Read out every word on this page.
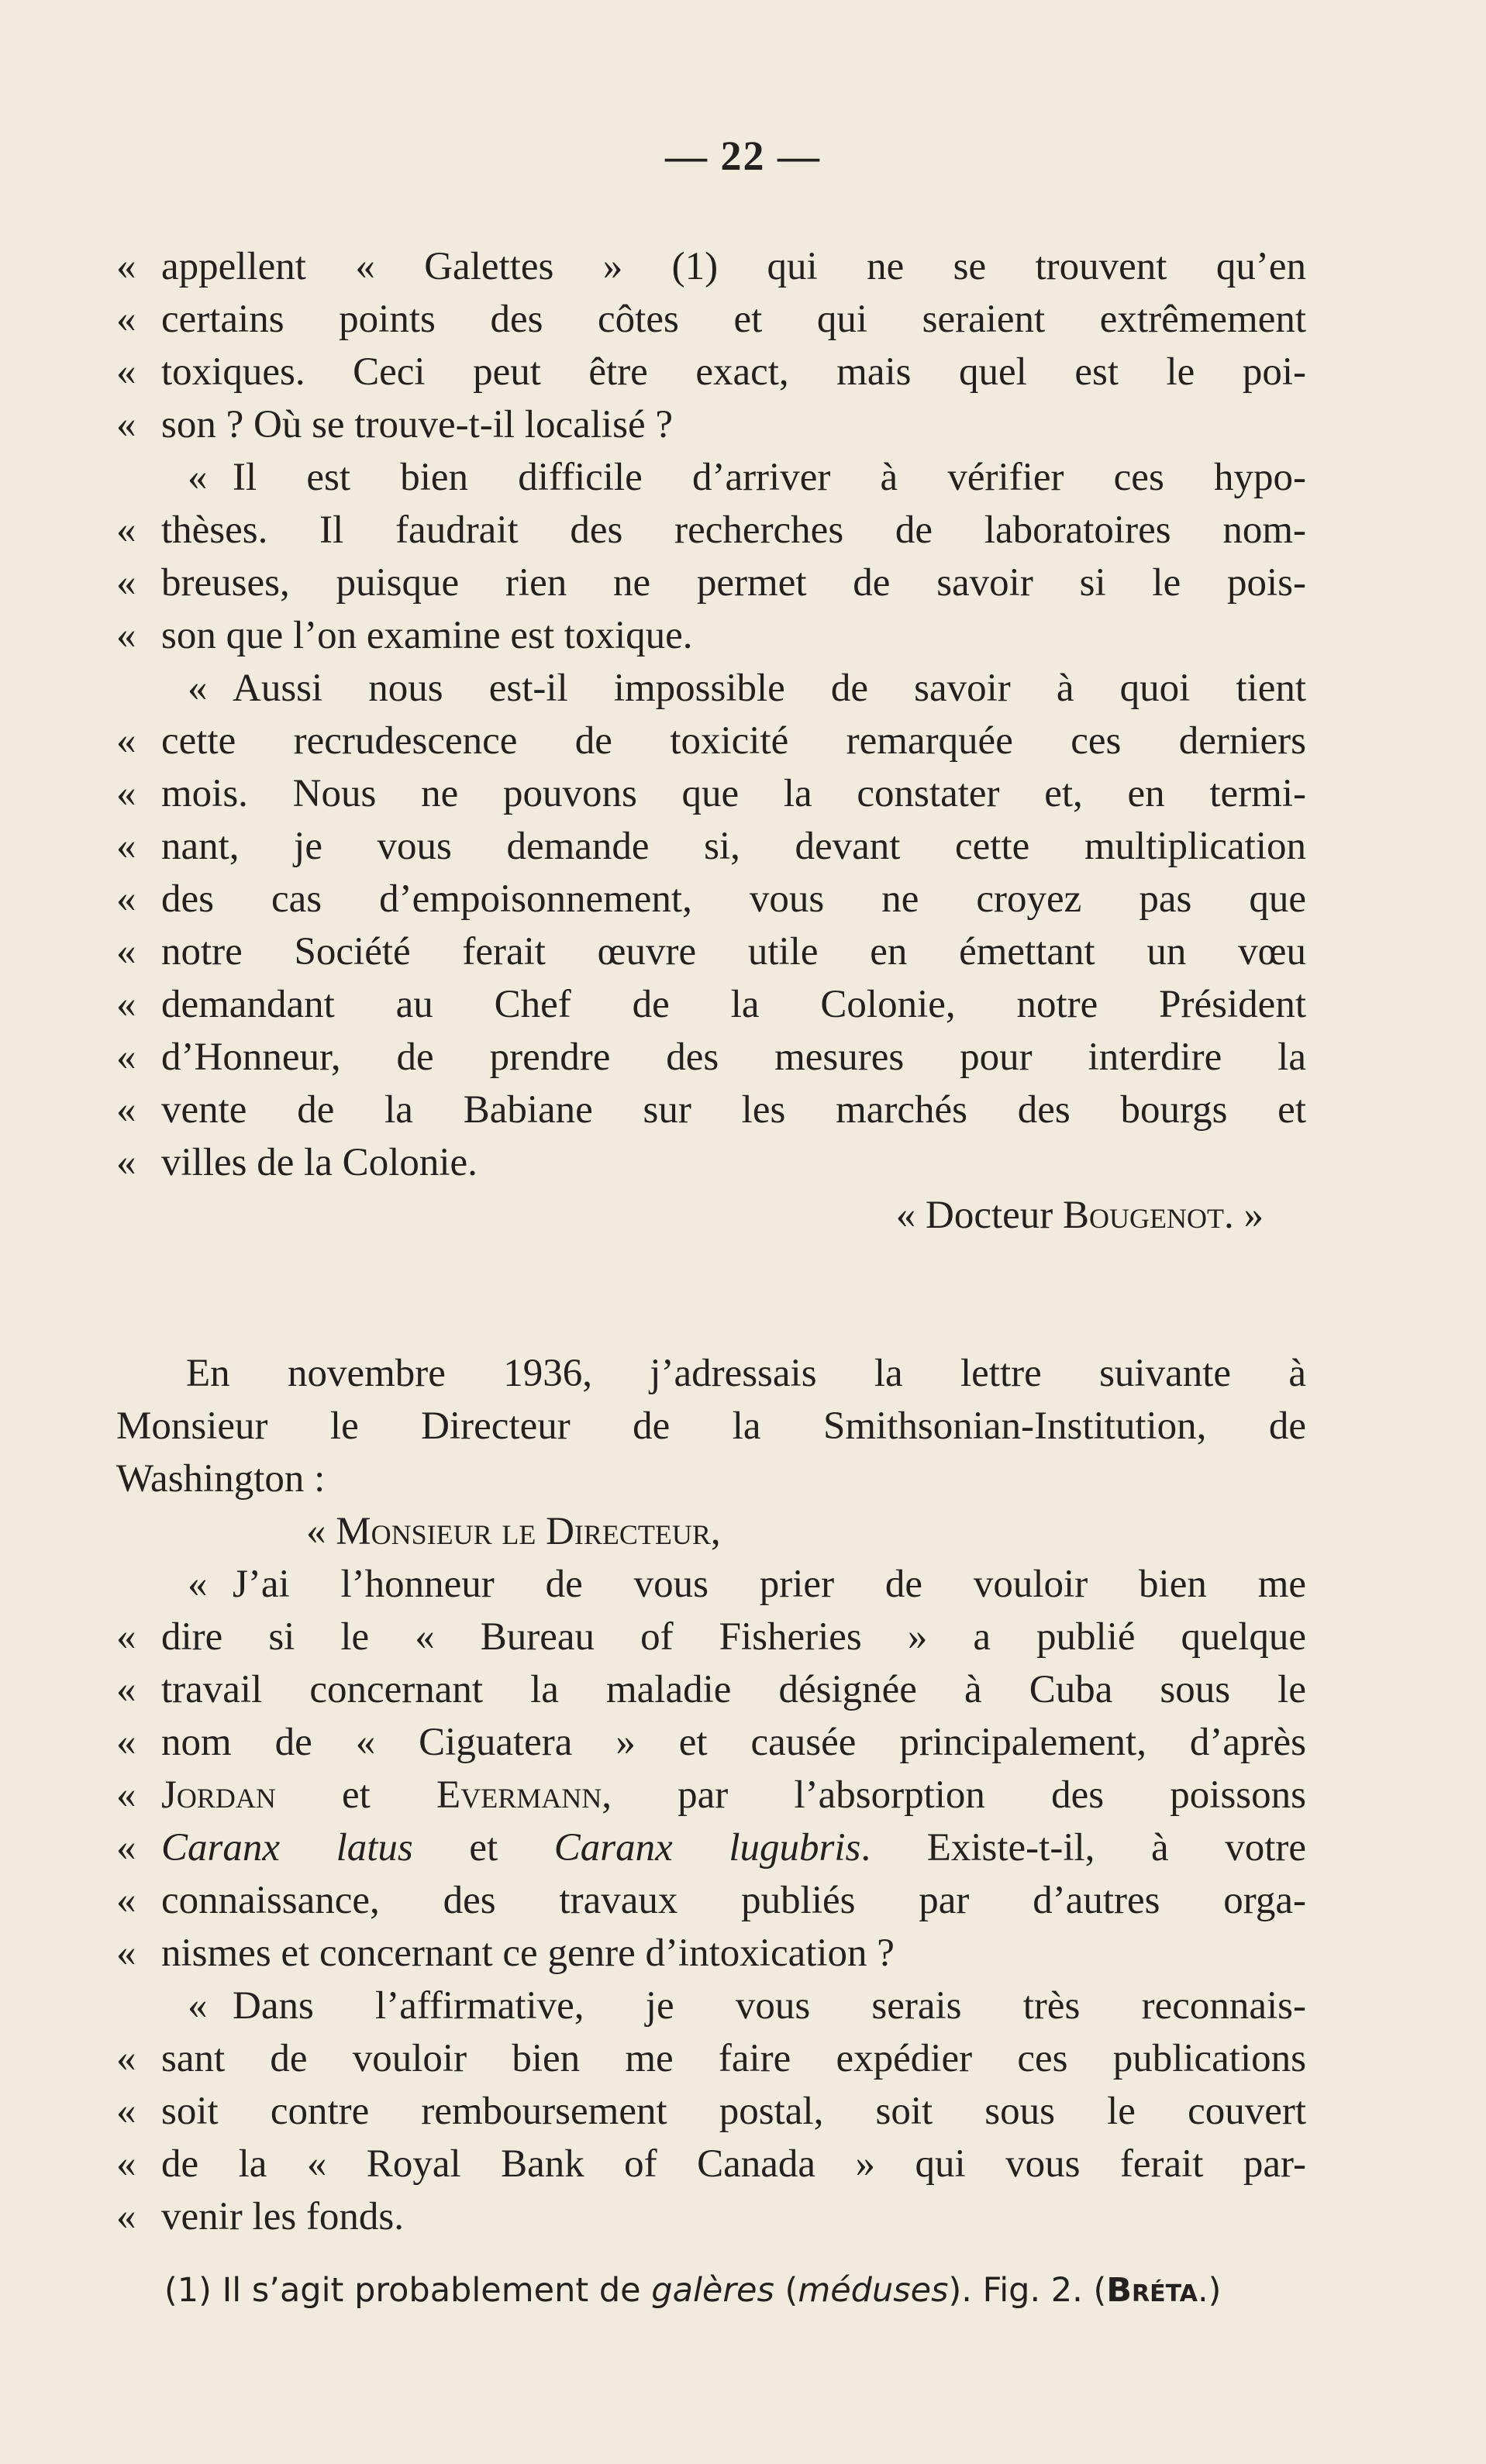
— 22 —
« appellent « Galettes » (1) qui ne se trouvent qu’en
« certains points des côtes et qui seraient extrêmement
« toxiques. Ceci peut être exact, mais quel est le poi-
« son ? Où se trouve-t-il localisé ?
« Il est bien difficile d’arriver à vérifier ces hypo-
« thèses. Il faudrait des recherches de laboratoires nom-
« breuses, puisque rien ne permet de savoir si le pois-
« son que l’on examine est toxique.
« Aussi nous est-il impossible de savoir à quoi tient
« cette recrudescence de toxicité remarquée ces derniers
« mois. Nous ne pouvons que la constater et, en termi-
« nant, je vous demande si, devant cette multiplication
« des cas d’empoisonnement, vous ne croyez pas que
« notre Société ferait œuvre utile en émettant un vœu
« demandant au Chef de la Colonie, notre Président
« d’Honneur, de prendre des mesures pour interdire la
« vente de la Babiane sur les marchés des bourgs et
« villes de la Colonie.
« Docteur Bougenot. »
En novembre 1936, j’adressais la lettre suivante à
Monsieur le Directeur de la Smithsonian-Institution, de
Washington :
« Monsieur le Directeur,
« J’ai l’honneur de vous prier de vouloir bien me
« dire si le « Bureau of Fisheries » a publié quelque
« travail concernant la maladie désignée à Cuba sous le
« nom de « Ciguatera » et causée principalement, d’après
« Jordan et Evermann, par l’absorption des poissons
« Caranx latus et Caranx lugubris. Existe-t-il, à votre
« connaissance, des travaux publiés par d’autres orga-
« nismes et concernant ce genre d’intoxication ?
« Dans l’affirmative, je vous serais très reconnais-
« sant de vouloir bien me faire expédier ces publications
« soit contre remboursement postal, soit sous le couvert
« de la « Royal Bank of Canada » qui vous ferait par-
« venir les fonds.
(1) Il s’agit probablement de galères (méduses). Fig. 2. (Bréta.)
